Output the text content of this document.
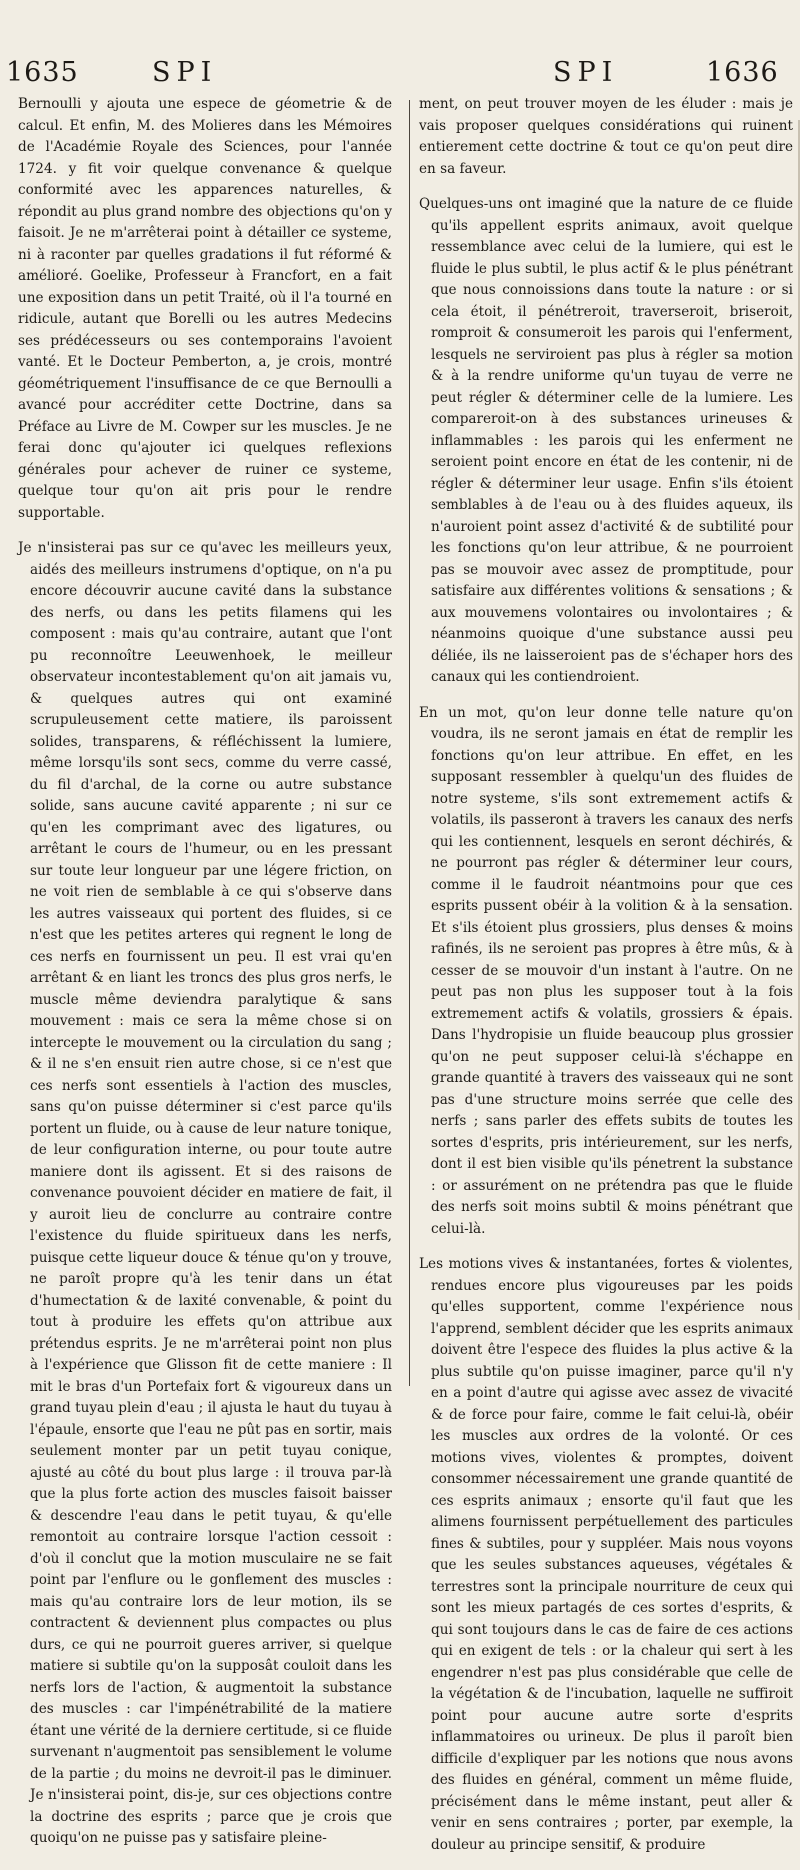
1635	SPI	SPI	1636

Bernoulli y ajouta une espece de géometrie & de calcul. Et enfin, M. des Molieres dans les Mémoires de l'Académie Royale des Sciences, pour l'année 1724. y fit voir quelque convenance & quelque conformité avec les apparences naturelles, & répondit au plus grand nombre des objections qu'on y faisoit. Je ne m'arrêterai point à détailler ce systeme, ni à raconter par quelles gradations il fut réformé & amélioré. Goelike, Professeur à Francfort, en a fait une exposition dans un petit Traité, où il l'a tourné en ridicule, autant que Borelli ou les autres Medecins ses prédécesseurs ou ses contemporains l'avoient vanté. Et le Docteur Pemberton, a, je crois, montré géométriquement l'insuffisance de ce que Bernoulli a avancé pour accréditer cette Doctrine, dans sa Préface au Livre de M. Cowper sur les muscles. Je ne ferai donc qu'ajouter ici quelques reflexions générales pour achever de ruiner ce systeme, quelque tour qu'on ait pris pour le rendre supportable.

Je n'insisterai pas sur ce qu'avec les meilleurs yeux, aidés des meilleurs instrumens d'optique, on n'a pu encore découvrir aucune cavité dans la substance des nerfs, ou dans les petits filamens qui les composent : mais qu'au contraire, autant que l'ont pu reconnoître Leeuwenhoek, le meilleur observateur incontestablement qu'on ait jamais vu, & quelques autres qui ont examiné scrupuleusement cette matiere, ils paroissent solides, transparens, & réfléchissent la lumiere, même lorsqu'ils sont secs, comme du verre cassé, du fil d'archal, de la corne ou autre substance solide, sans aucune cavité apparente ; ni sur ce qu'en les comprimant avec des ligatures, ou arrêtant le cours de l'humeur, ou en les pressant sur toute leur longueur par une légere friction, on ne voit rien de semblable à ce qui s'observe dans les autres vaisseaux qui portent des fluides, si ce n'est que les petites arteres qui regnent le long de ces nerfs en fournissent un peu. Il est vrai qu'en arrêtant & en liant les troncs des plus gros nerfs, le muscle même deviendra paralytique & sans mouvement : mais ce sera la même chose si on intercepte le mouvement ou la circulation du sang ; & il ne s'en ensuit rien autre chose, si ce n'est que ces nerfs sont essentiels à l'action des muscles, sans qu'on puisse déterminer si c'est parce qu'ils portent un fluide, ou à cause de leur nature tonique, de leur configuration interne, ou pour toute autre maniere dont ils agissent. Et si des raisons de convenance pouvoient décider en matiere de fait, il y auroit lieu de conclurre au contraire contre l'existence du fluide spiritueux dans les nerfs, puisque cette liqueur douce & ténue qu'on y trouve, ne paroît propre qu'à les tenir dans un état d'humectation & de laxité convenable, & point du tout à produire les effets qu'on attribue aux prétendus esprits. Je ne m'arrêterai point non plus à l'expérience que Glisson fit de cette maniere : Il mit le bras d'un Portefaix fort & vigoureux dans un grand tuyau plein d'eau ; il ajusta le haut du tuyau à l'épaule, ensorte que l'eau ne pût pas en sortir, mais seulement monter par un petit tuyau conique, ajusté au côté du bout plus large : il trouva par-là que la plus forte action des muscles faisoit baisser & descendre l'eau dans le petit tuyau, & qu'elle remontoit au contraire lorsque l'action cessoit : d'où il conclut que la motion musculaire ne se fait point par l'enflure ou le gonflement des muscles : mais qu'au contraire lors de leur motion, ils se contractent & deviennent plus compactes ou plus durs, ce qui ne pourroit gueres arriver, si quelque matiere si subtile qu'on la supposât couloit dans les nerfs lors de l'action, & augmentoit la substance des muscles : car l'impénétrabilité de la matiere étant une vérité de la derniere certitude, si ce fluide survenant n'augmentoit pas sensiblement le volume de la partie ; du moins ne devroit-il pas le diminuer. Je n'insisterai point, dis-je, sur ces objections contre la doctrine des esprits ; parce que je crois que quoiqu'on ne puisse pas y satisfaire pleine-

ment, on peut trouver moyen de les éluder : mais je vais proposer quelques considérations qui ruinent entierement cette doctrine & tout ce qu'on peut dire en sa faveur.

Quelques-uns ont imaginé que la nature de ce fluide qu'ils appellent esprits animaux, avoit quelque ressemblance avec celui de la lumiere, qui est le fluide le plus subtil, le plus actif & le plus pénétrant que nous connoissions dans toute la nature : or si cela étoit, il pénétreroit, traverseroit, briseroit, romproit & consumeroit les parois qui l'enferment, lesquels ne serviroient pas plus à régler sa motion & à la rendre uniforme qu'un tuyau de verre ne peut régler & déterminer celle de la lumiere. Les compareroit-on à des substances urineuses & inflammables : les parois qui les enferment ne seroient point encore en état de les contenir, ni de régler & déterminer leur usage. Enfin s'ils étoient semblables à de l'eau ou à des fluides aqueux, ils n'auroient point assez d'activité & de subtilité pour les fonctions qu'on leur attribue, & ne pourroient pas se mouvoir avec assez de promptitude, pour satisfaire aux différentes volitions & sensations ; & aux mouvemens volontaires ou involontaires ; & néanmoins quoique d'une substance aussi peu déliée, ils ne laisseroient pas de s'échaper hors des canaux qui les contiendroient.

En un mot, qu'on leur donne telle nature qu'on voudra, ils ne seront jamais en état de remplir les fonctions qu'on leur attribue. En effet, en les supposant ressembler à quelqu'un des fluides de notre systeme, s'ils sont extremement actifs & volatils, ils passeront à travers les canaux des nerfs qui les contiennent, lesquels en seront déchirés, & ne pourront pas régler & déterminer leur cours, comme il le faudroit néantmoins pour que ces esprits pussent obéir à la volition & à la sensation. Et s'ils étoient plus grossiers, plus denses & moins rafinés, ils ne seroient pas propres à être mûs, & à cesser de se mouvoir d'un instant à l'autre. On ne peut pas non plus les supposer tout à la fois extremement actifs & volatils, grossiers & épais. Dans l'hydropisie un fluide beaucoup plus grossier qu'on ne peut supposer celui-là s'échappe en grande quantité à travers des vaisseaux qui ne sont pas d'une structure moins serrée que celle des nerfs ; sans parler des effets subits de toutes les sortes d'esprits, pris intérieurement, sur les nerfs, dont il est bien visible qu'ils pénetrent la substance : or assurément on ne prétendra pas que le fluide des nerfs soit moins subtil & moins pénétrant que celui-là.

Les motions vives & instantanées, fortes & violentes, rendues encore plus vigoureuses par les poids qu'elles supportent, comme l'expérience nous l'apprend, semblent décider que les esprits animaux doivent être l'espece des fluides la plus active & la plus subtile qu'on puisse imaginer, parce qu'il n'y en a point d'autre qui agisse avec assez de vivacité & de force pour faire, comme le fait celui-là, obéir les muscles aux ordres de la volonté. Or ces motions vives, violentes & promptes, doivent consommer nécessairement une grande quantité de ces esprits animaux ; ensorte qu'il faut que les alimens fournissent perpétuellement des particules fines & subtiles, pour y suppléer. Mais nous voyons que les seules substances aqueuses, végétales & terrestres sont la principale nourriture de ceux qui sont les mieux partagés de ces sortes d'esprits, & qui sont toujours dans le cas de faire de ces actions qui en exigent de tels : or la chaleur qui sert à les engendrer n'est pas plus considérable que celle de la végétation & de l'incubation, laquelle ne suffiroit point pour aucune autre sorte d'esprits inflammatoires ou urineux. De plus il paroît bien difficile d'expliquer par les notions que nous avons des fluides en général, comment un même fluide, précisément dans le même instant, peut aller & venir en sens contraires ; porter, par exemple, la douleur au principe sensitif, & produire
